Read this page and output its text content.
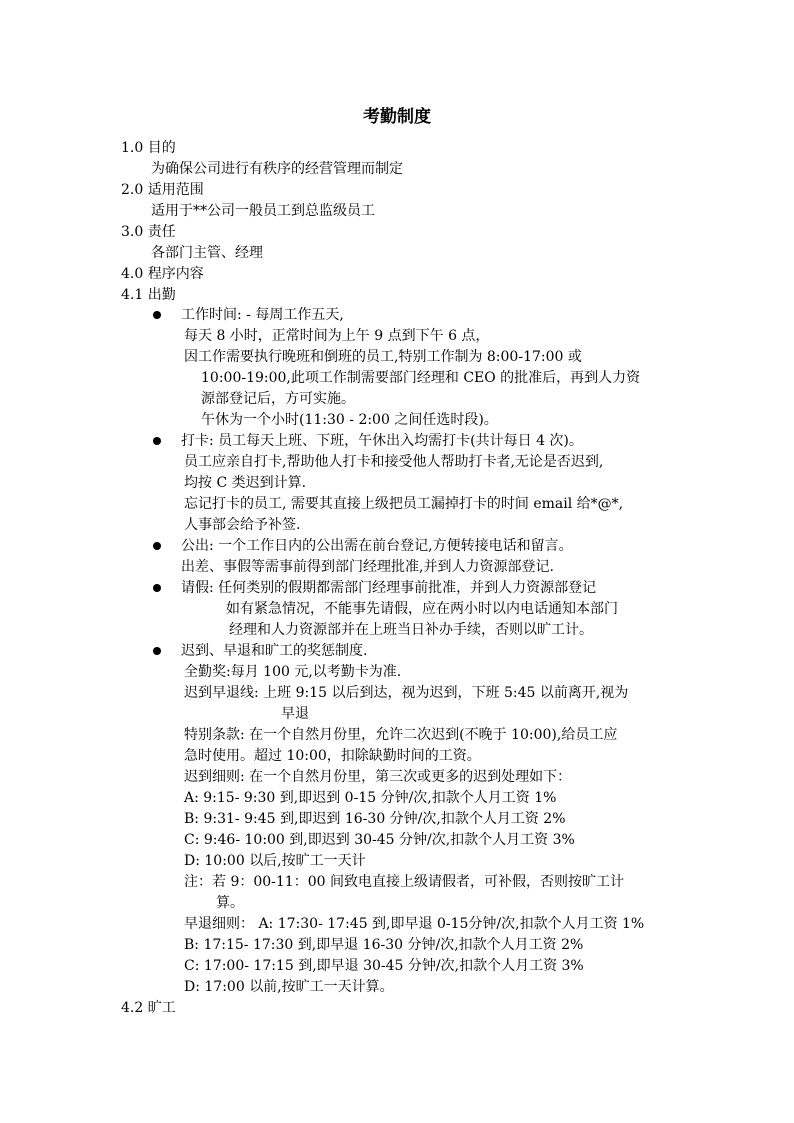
考勤制度
1.0 目的
为确保公司进行有秩序的经营管理而制定
2.0 适用范围
适用于**公司一般员工到总监级员工
3.0 责任
各部门主管、经理
4.0 程序内容
4.1 出勤
工作时间: - 每周工作五天,
每天 8 小时，正常时间为上午 9 点到下午 6 点，
因工作需要执行晚班和倒班的员工,特别工作制为 8:00-17:00 或
10:00-19:00,此项工作制需要部门经理和 CEO 的批准后，再到人力资
源部登记后，方可实施。
午休为一个小时(11:30 - 2:00 之间任选时段)。
打卡: 员工每天上班、下班，午休出入均需打卡(共计每日 4 次)。
员工应亲自打卡,帮助他人打卡和接受他人帮助打卡者,无论是否迟到,
均按 C 类迟到计算.
忘记打卡的员工, 需要其直接上级把员工漏掉打卡的时间 email 给*@*,
人事部会给予补签.
公出: 一个工作日内的公出需在前台登记,方便转接电话和留言。
出差、事假等需事前得到部门经理批准,并到人力资源部登记.
请假: 任何类别的假期都需部门经理事前批准，并到人力资源部登记
如有紧急情况，不能事先请假，应在两小时以内电话通知本部门
经理和人力资源部并在上班当日补办手续，否则以旷工计。
迟到、早退和旷工的奖惩制度.
全勤奖:每月 100 元,以考勤卡为准.
迟到早退线: 上班 9:15 以后到达，视为迟到，下班 5:45 以前离开,视为
早退
特别条款: 在一个自然月份里，允许二次迟到(不晚于 10:00),给员工应
急时使用。超过 10:00，扣除缺勤时间的工资。
迟到细则: 在一个自然月份里，第三次或更多的迟到处理如下：
A: 9:15- 9:30 到,即迟到 0-15 分钟/次,扣款个人月工资 1%
B: 9:31- 9:45 到,即迟到 16-30 分钟/次,扣款个人月工资 2%
C: 9:46- 10:00 到,即迟到 30-45 分钟/次,扣款个人月工资 3%
D: 10:00 以后,按旷工一天计
注：若 9：00-11：00 间致电直接上级请假者，可补假，否则按旷工计
算。
早退细则： A: 17:30- 17:45 到,即早退 0-15分钟/次,扣款个人月工资 1%
B: 17:15- 17:30 到,即早退 16-30 分钟/次,扣款个人月工资 2%
C: 17:00- 17:15 到,即早退 30-45 分钟/次,扣款个人月工资 3%
D: 17:00 以前,按旷工一天计算。
4.2 旷工
